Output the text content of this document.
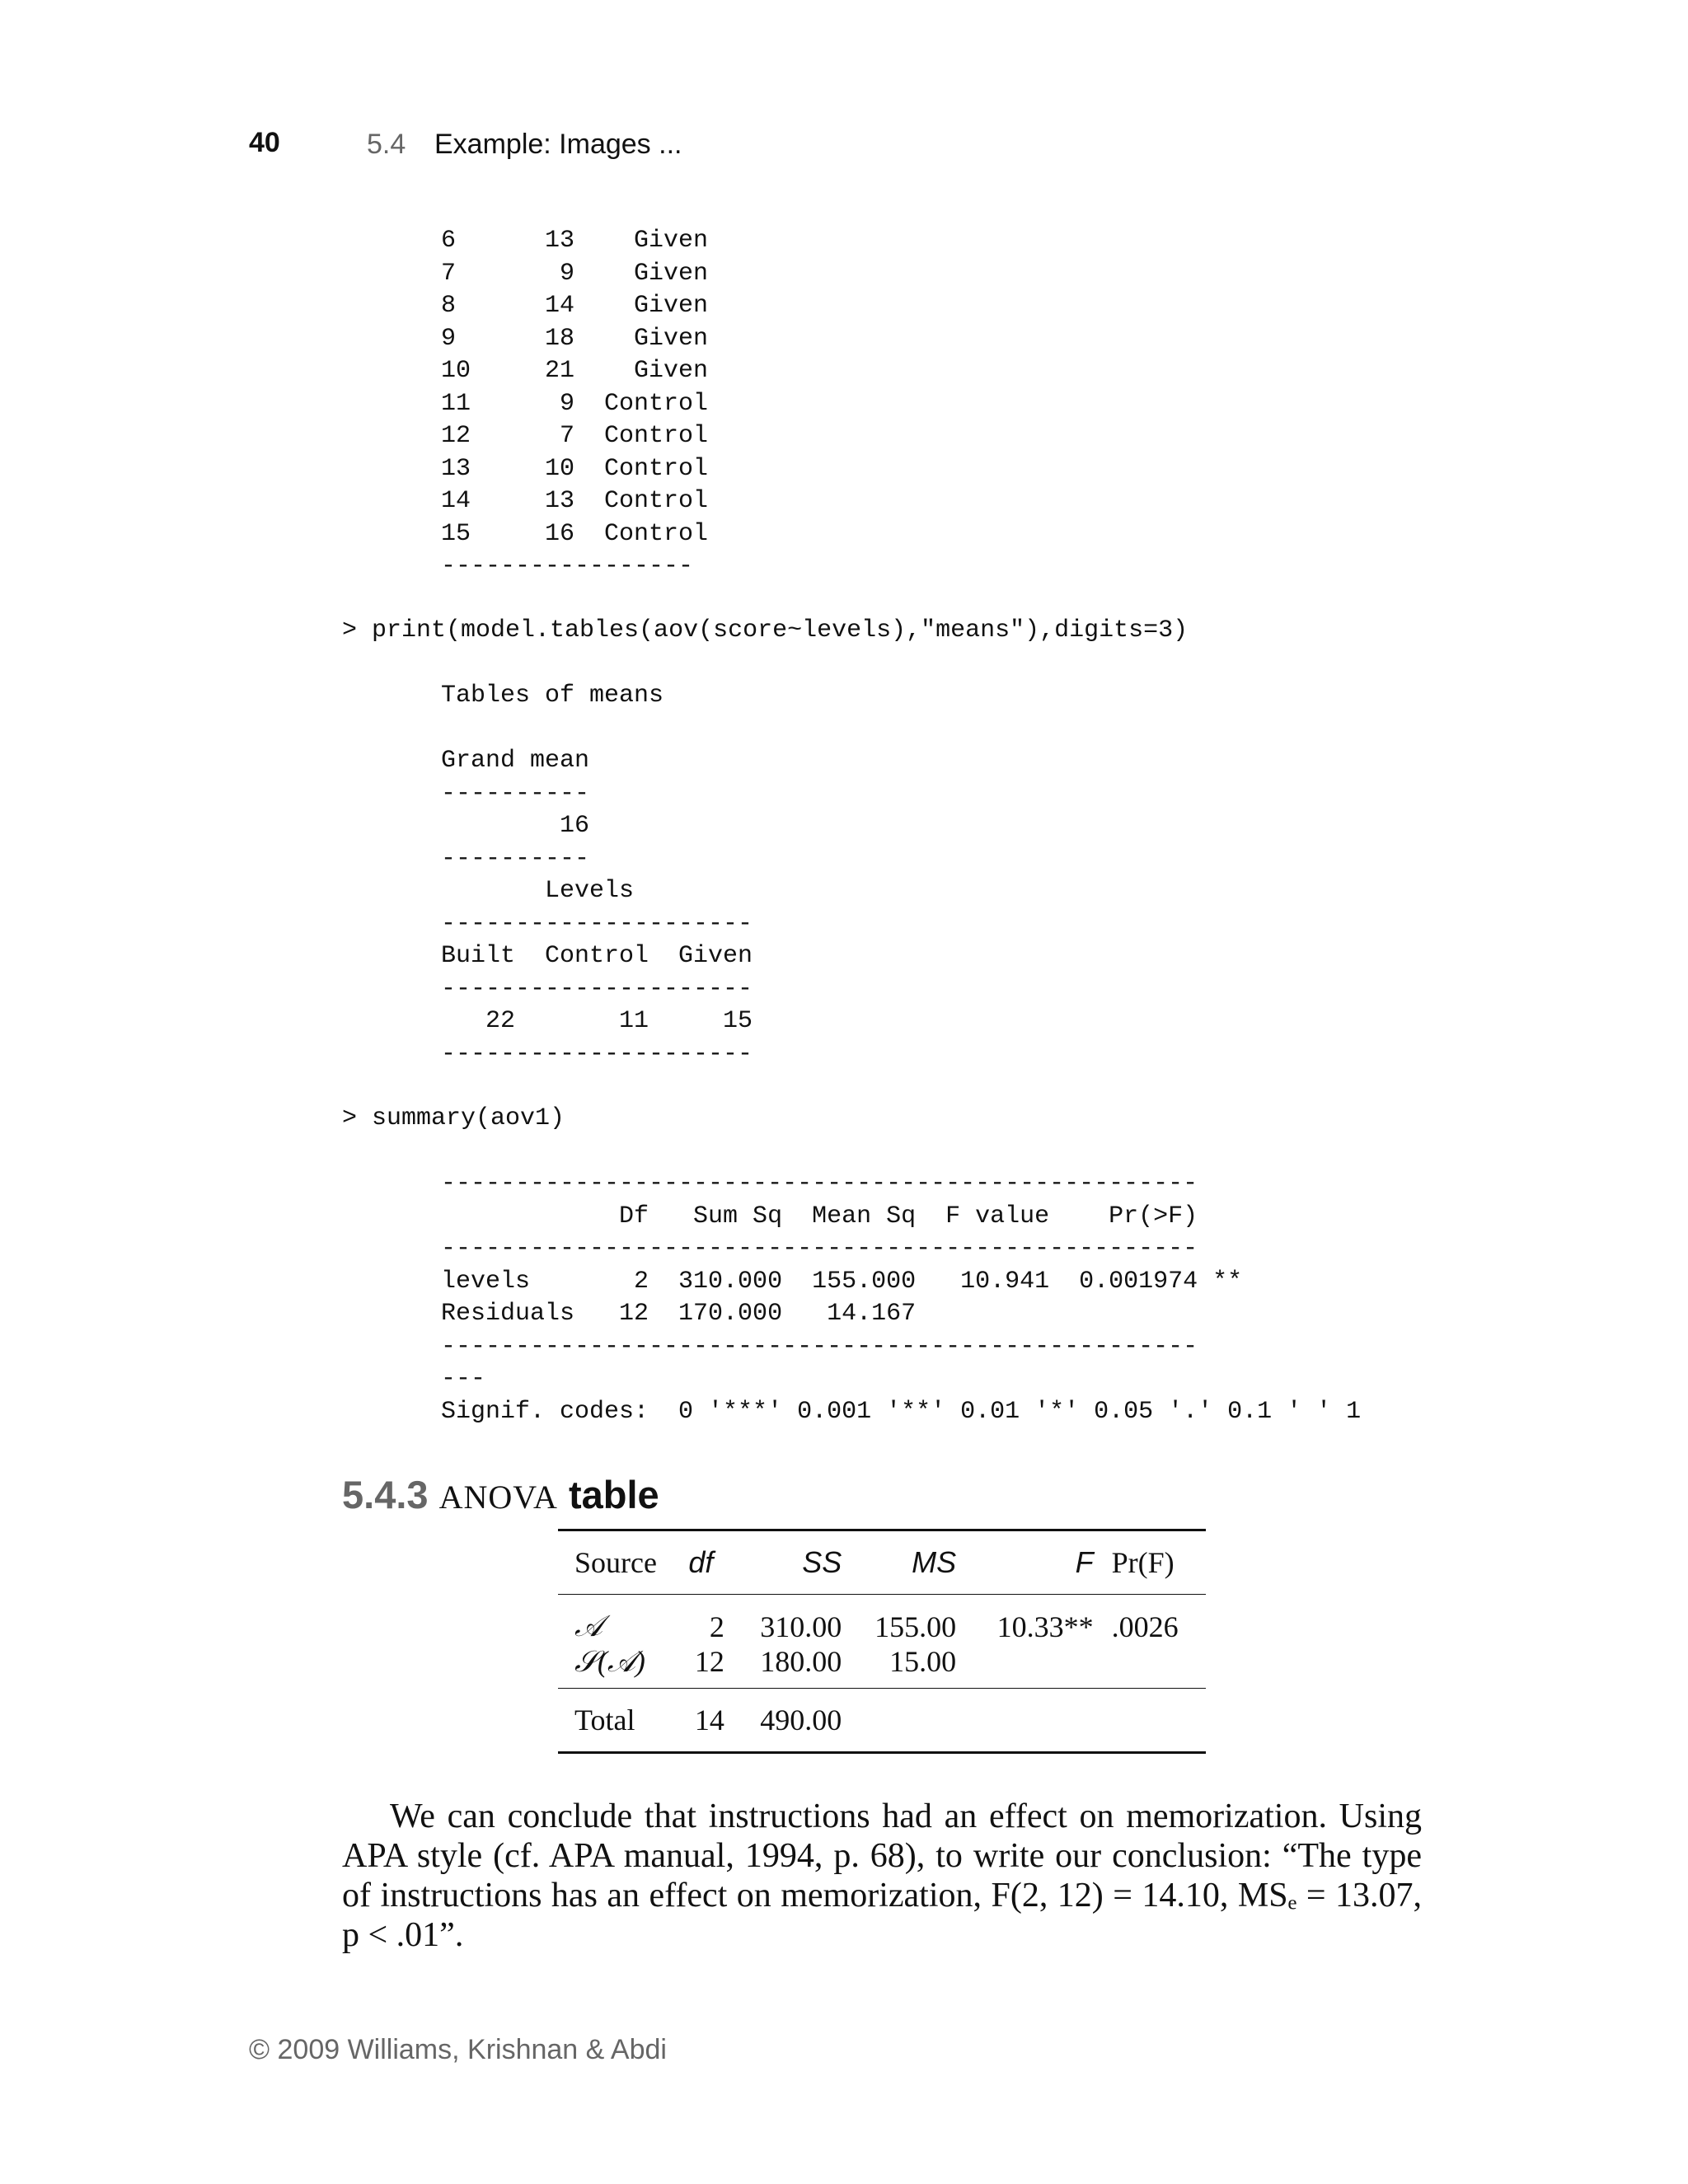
40	5.4 Example: Images ...
6      13    Given
7       9    Given
8      14    Given
9      18    Given
10     21    Given
11      9  Control
12      7  Control
13     10  Control
14     13  Control
15     16  Control
-----------------
> print(model.tables(aov(score~levels),"means"),digits=3)
Tables of means

Grand mean
----------
16
----------
Levels
---------------------
Built  Control  Given
---------------------
22       11     15
---------------------
> summary(aov1)
---------------------------------------------------
Df   Sum Sq  Mean Sq  F value    Pr(>F)
---------------------------------------------------
levels       2  310.000  155.000   10.941  0.001974 **
Residuals   12  170.000   14.167
---------------------------------------------------
---
Signif. codes:  0 '***' 0.001 '**' 0.01 '*' 0.05 '.' 0.1 ' ' 1
5.4.3 ANOVA table
Source	df	SS	MS	F	Pr(F)
𝒜	2	310.00	155.00	10.33**	.0026
𝒮(𝒜)	12	180.00	15.00		
Total	14	490.00			

We can conclude that instructions had an effect on memorization. Using APA style (cf. APA manual, 1994, p. 68), to write our conclusion: “The type of instructions has an effect on memorization, F(2, 12) = 14.10, MSₑ = 13.07, p < .01”.

© 2009 Williams, Krishnan & Abdi
